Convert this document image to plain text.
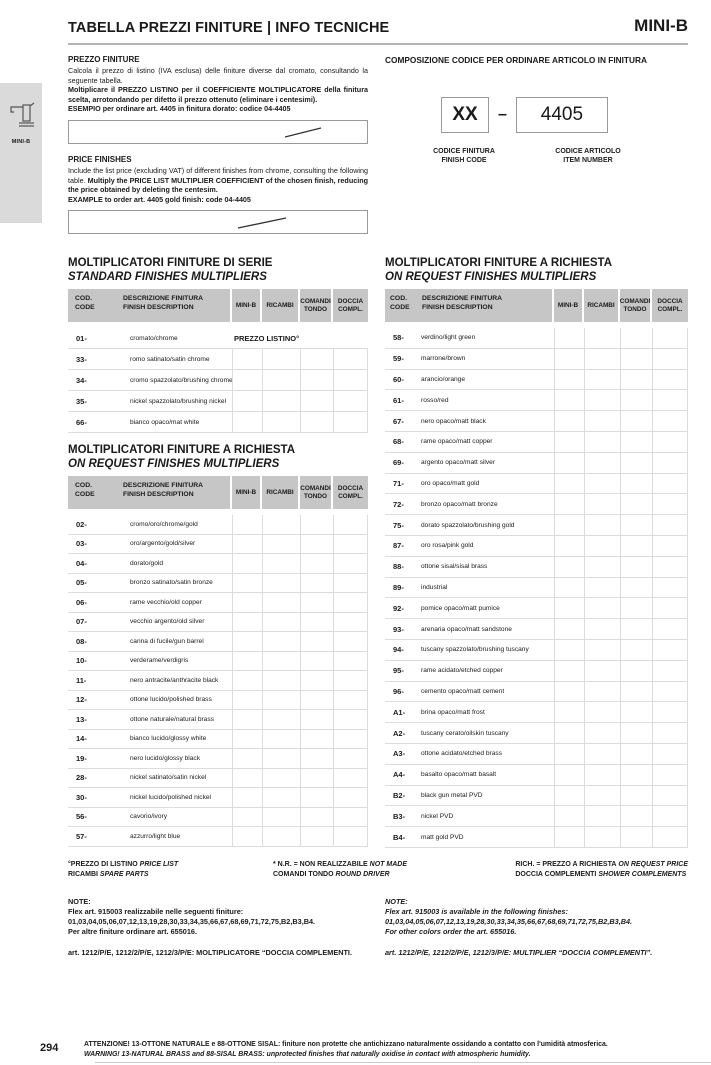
MINI-B
TABELLA PREZZI FINITURE | INFO TECNICHE	MINI-B

PREZZO FINITURE

Calcola il prezzo di listino (IVA esclusa) delle finiture diverse dal cromato, consultando la seguente tabella.
Moltiplicare il PREZZO LISTINO per il COEFFICIENTE MOLTIPLICATORE della finitura scelta, arrotondando per difetto il prezzo ottenuto (eliminare i centesimi).
ESEMPIO per ordinare art. 4405 in finitura dorato: codice 04-4405

PRICE FINISHES

Include the list price (excluding VAT) of different finishes from chrome, consulting the following table. Multiply the PRICE LIST MULTIPLIER COEFFICIENT of the chosen finish, reducing the price obtained by deleting the centesim.
EXAMPLE to order art. 4405 gold finish: code 04-4405

COMPOSIZIONE CODICE PER ORDINARE ARTICOLO IN FINITURA

XX	–	4405
CODICE FINITURA
FINISH CODE
CODICE ARTICOLO
ITEM NUMBER

MOLTIPLICATORI FINITURE DI SERIE
STANDARD FINISHES MULTIPLIERS

COD.
CODE
DESCRIZIONE FINITURA
FINISH DESCRIPTION	MINI-B	RICAMBI
COMANDI
TONDO
DOCCIA
COMPL.
01-	cromato/chrome	PREZZO LISTINO°
33-	romo satinato/satin chrome
34-	cromo spazzolato/brushing chrome
35-	nickel spazzolato/brushing nickel
66-	bianco opaco/mat white

MOLTIPLICATORI FINITURE A RICHIESTA
ON REQUEST FINISHES MULTIPLIERS

COD.
CODE
DESCRIZIONE FINITURA
FINISH DESCRIPTION	MINI-B	RICAMBI
COMANDI
TONDO
DOCCIA
COMPL.
02-	cromo/oro/chrome/gold
03-	oro/argento/gold/silver
04-	dorato/gold
05-	bronzo satinato/satin bronze
06-	rame vecchio/old copper
07-	vecchio argento/old silver
08-	canna di fucile/gun barrel
10-	verderame/verdigris
11-	nero antracite/anthracite black
12-	ottone lucido/polished brass
13-	ottone naturale/natural brass
14-	bianco lucido/glossy white
19-	nero lucido/glossy black
28-	nickel satinato/satin nickel
30-	nickel lucido/polished nickel
56-	cavorio/ivory
57-	azzurro/light blue

MOLTIPLICATORI FINITURE A RICHIESTA
ON REQUEST FINISHES MULTIPLIERS

COD.
CODE
DESCRIZIONE FINITURA
FINISH DESCRIPTION	MINI-B	RICAMBI
COMANDI
TONDO
DOCCIA
COMPL.
58-	verdino/light green
59-	marrone/brown
60-	arancio/orange
61-	rosso/red
67-	nero opaco/matt black
68-	rame opaco/matt copper
69-	argento opaco/matt silver
71-	oro opaco/matt gold
72-	bronzo opaco/matt bronze
75-	dorato spazzolato/brushing gold
87-	oro rosa/pink gold
88-	ottone sisal/sisal brass
89-	industrial
92-	pomice opaco/matt pumice
93-	arenaria opaco/matt sandstone
94-	tuscany spazzolato/brushing tuscany
95-	rame acidato/etched copper
96-	cemento opaco/matt cement
A1-	brina opaco/matt frost
A2-	tuscany cerato/oilskin tuscany
A3-	ottone acidato/etched brass
A4-	basalto opaco/matt basalt
B2-	black gun metal PVD
B3-	nickel PVD
B4-	matt gold PVD
°PREZZO DI LISTINO PRICE LIST
RICAMBI SPARE PARTS
* N.R. = NON REALIZZABILE NOT MADE
COMANDI TONDO ROUND DRIVER
RICH. = PREZZO A RICHIESTA ON REQUEST PRICE
DOCCIA COMPLEMENTI SHOWER COMPLEMENTS
NOTE:
Flex art. 915003 realizzabile nelle seguenti finiture:
01,03,04,05,06,07,12,13,19,28,30,33,34,35,66,67,68,69,71,72,75,B2,B3,B4.
Per altre finiture ordinare art. 655016.
art. 1212/P/E, 1212/2/P/E, 1212/3/P/E: MOLTIPLICATORE “DOCCIA COMPLEMENTI.
NOTE:
Flex art. 915003 is available in the following finishes:
01,03,04,05,06,07,12,13,19,28,30,33,34,35,66,67,68,69,71,72,75,B2,B3,B4.
For other colors order the art. 655016.
art. 1212/P/E, 1212/2/P/E, 1212/3/P/E: MULTIPLIER “DOCCIA COMPLEMENTI”.
294	ATTENZIONE! 13-OTTONE NATURALE e 88-OTTONE SISAL: finiture non protette che antichizzano naturalmente ossidando a contatto con l'umidità atmosferica.
WARNING! 13-NATURAL BRASS and 88-SISAL BRASS: unprotected finishes that naturally oxidise in contact with atmospheric humidity.
